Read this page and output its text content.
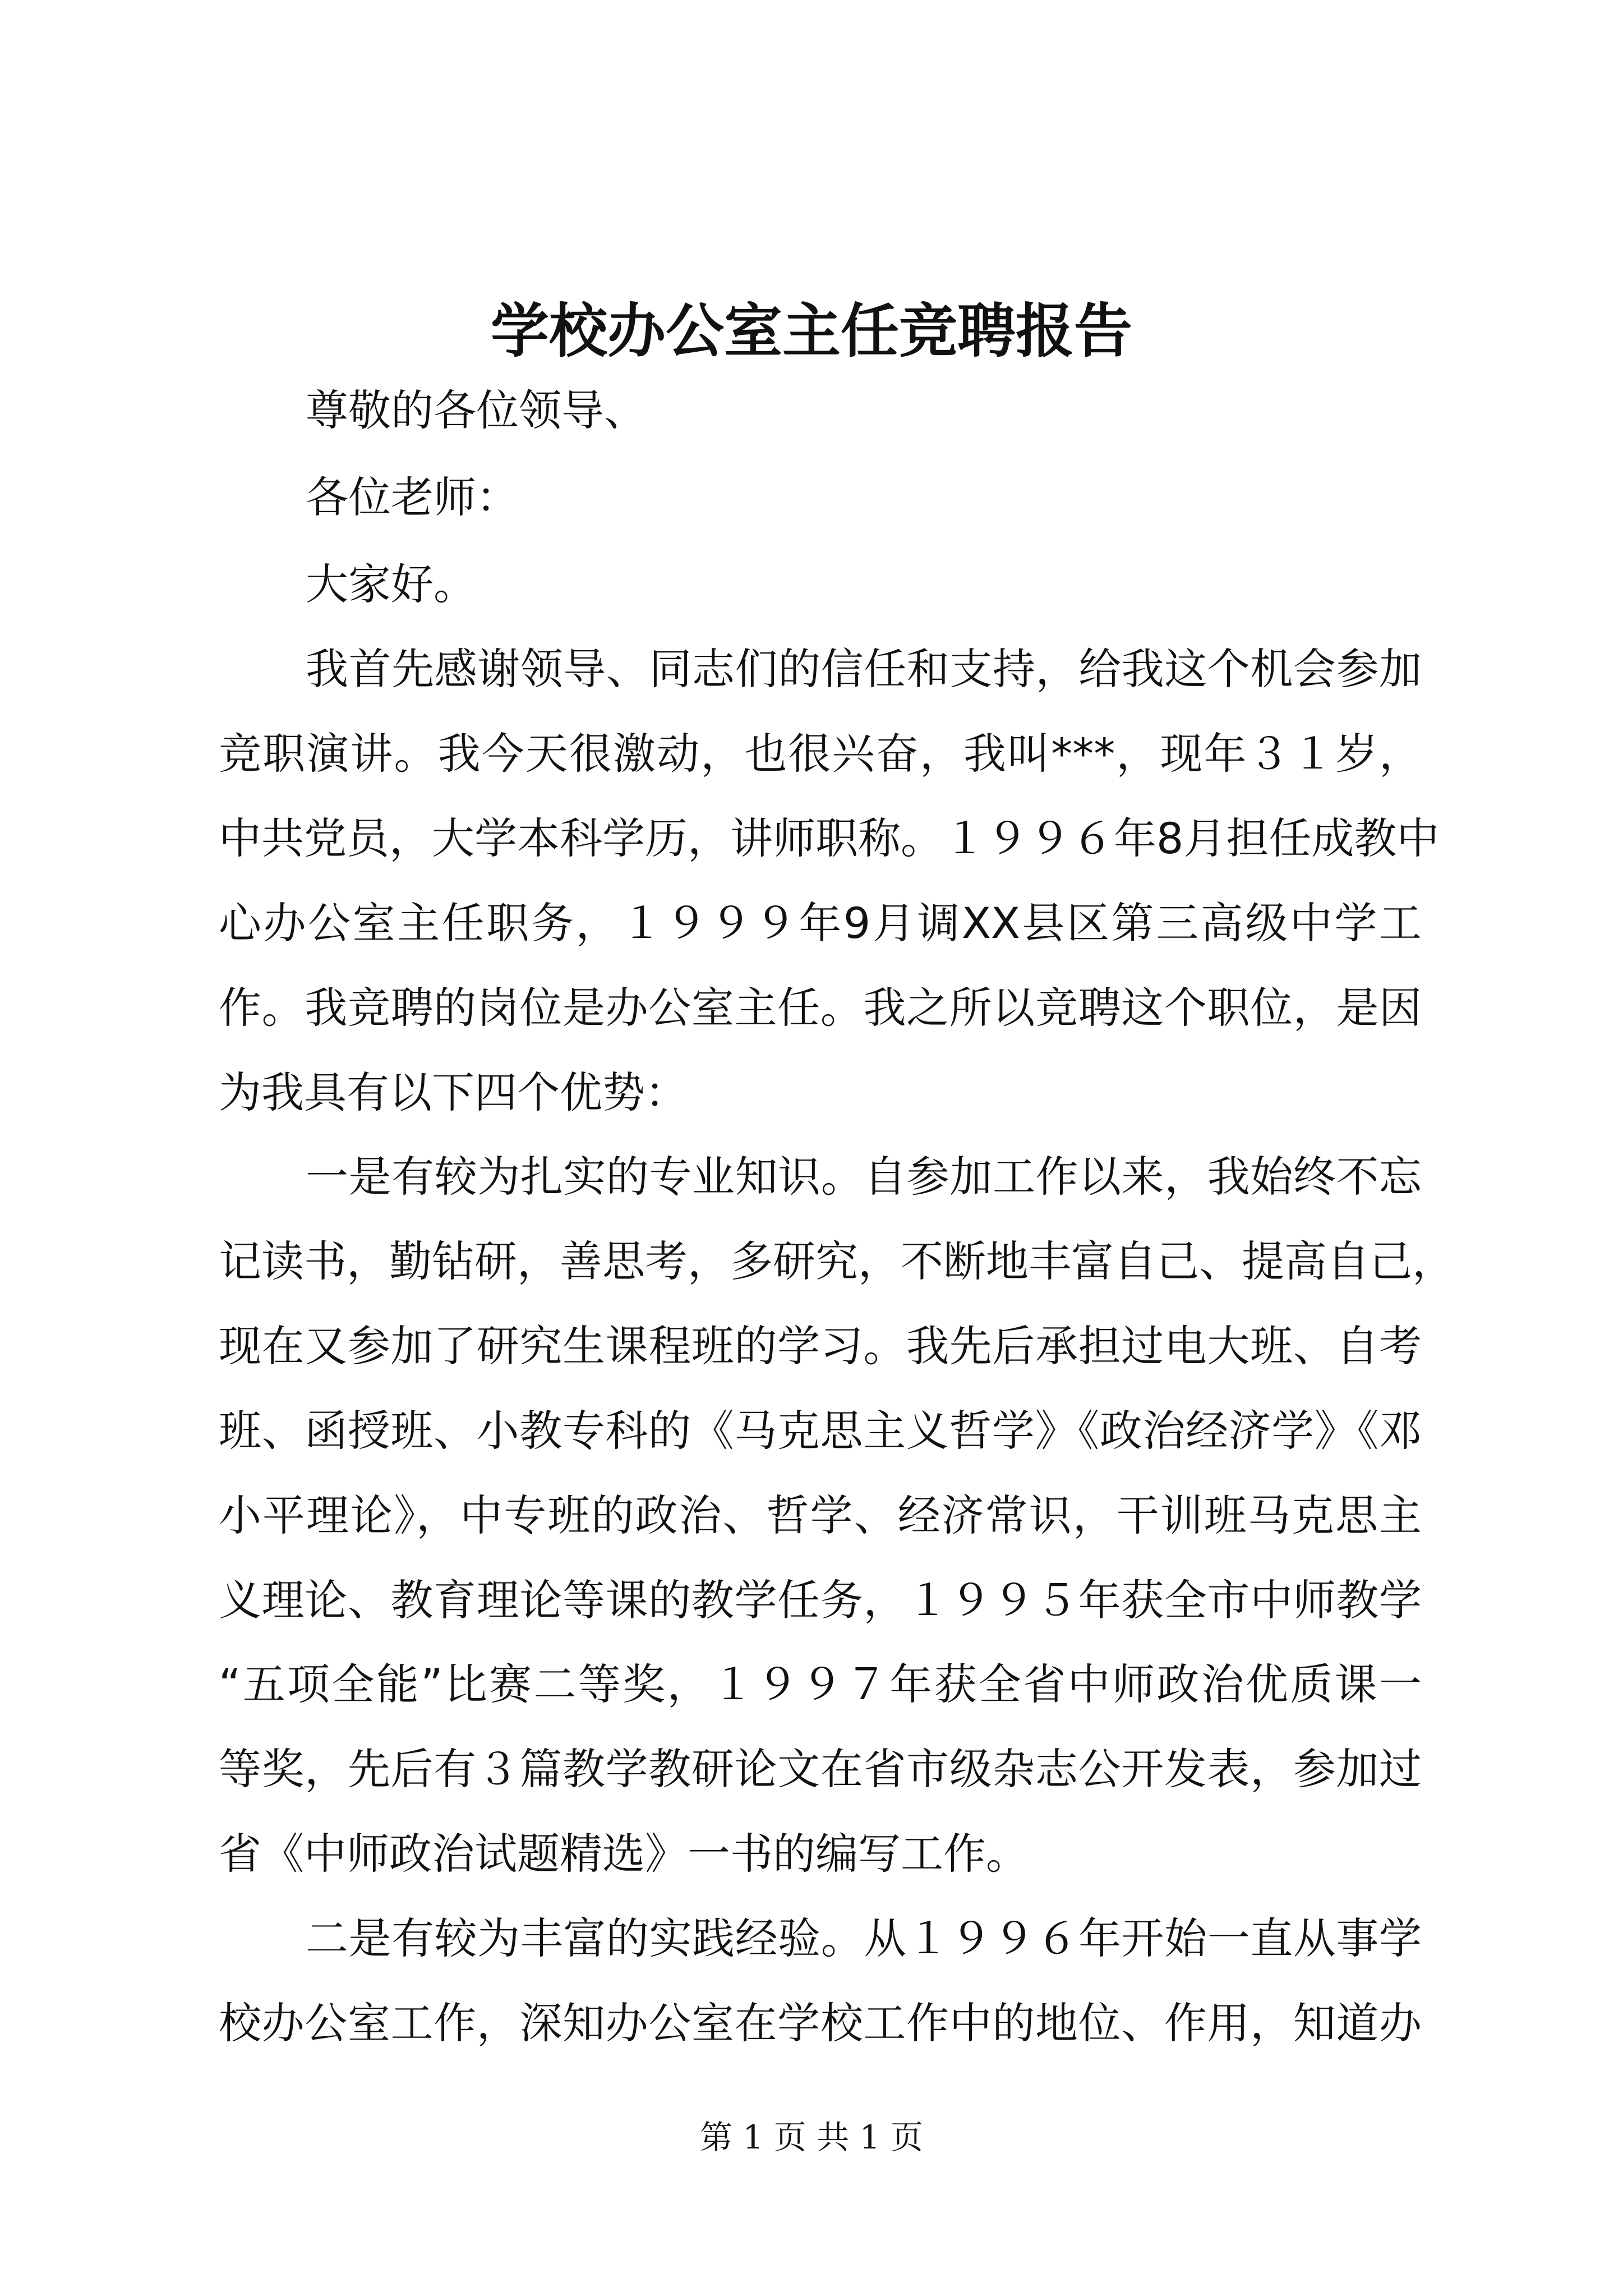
学校办公室主任竞聘报告
尊敬的各位领导、
各位老师：
大家好。
我首先感谢领导、同志们的信任和支持，给我这个机会参加
竞职演讲。我今天很激动，也很兴奋，我叫***，现年３１岁，
中共党员，大学本科学历，讲师职称。１９９６年8月担任成教中
心办公室主任职务，１９９９年9月调XX县区第三高级中学工
作。我竞聘的岗位是办公室主任。我之所以竞聘这个职位，是因
为我具有以下四个优势：
一是有较为扎实的专业知识。自参加工作以来，我始终不忘
记读书，勤钻研，善思考，多研究，不断地丰富自己、提高自己，
现在又参加了研究生课程班的学习。我先后承担过电大班、自考
班、函授班、小教专科的《马克思主义哲学》《政治经济学》《邓
小平理论》，中专班的政治、哲学、经济常识，干训班马克思主
义理论、教育理论等课的教学任务，１９９５年获全市中师教学
“五项全能”比赛二等奖，１９９７年获全省中师政治优质课一
等奖，先后有３篇教学教研论文在省市级杂志公开发表，参加过
省《中师政治试题精选》一书的编写工作。
二是有较为丰富的实践经验。从１９９６年开始一直从事学
校办公室工作，深知办公室在学校工作中的地位、作用，知道办
第 1 页 共 1 页
